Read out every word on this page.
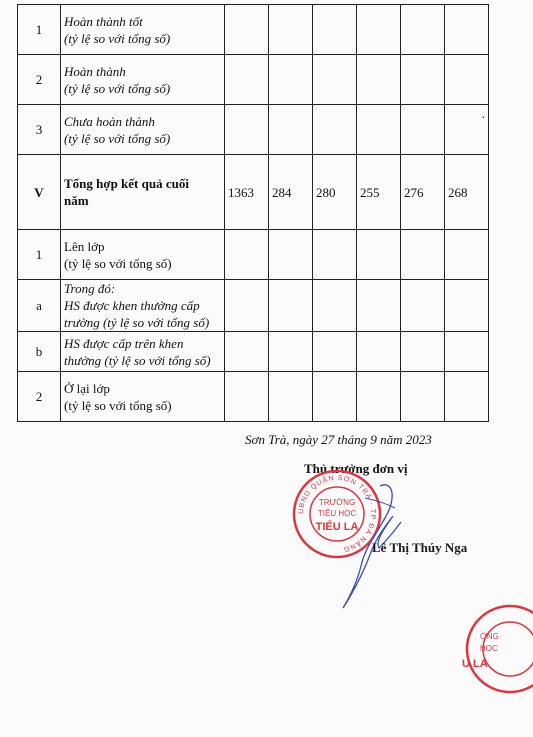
1	Hoàn thành tốt
(tỷ lệ so với tổng số)						

2	Hoàn thành
(tỷ lệ so với tổng số)						

3	Chưa hoàn thành
(tỷ lệ so với tổng số)						.
V	Tổng hợp kết quả cuối
năm	1363	284	280	255	276	268
1	Lên lớp
(tỷ lệ so với tổng số)						

a	Trong đó:
HS được khen thưởng cấp
trường (tỷ lệ so với tổng số)						

b	HS được cấp trên khen
thưởng (tỷ lệ so với tổng số)						

2	Ở lại lớp
(tỷ lệ so với tổng số)						

Sơn Trà, ngày 27 tháng 9 năm 2023
Thủ trưởng đơn vị
UBND QUẬN SƠN TRÀ · TP ĐÀ NẴNG
TRƯỜNG
TIỂU HỌC
TIỂU LA
Lê Thị Thúy Nga
ỜNG
HỌC
U LA
